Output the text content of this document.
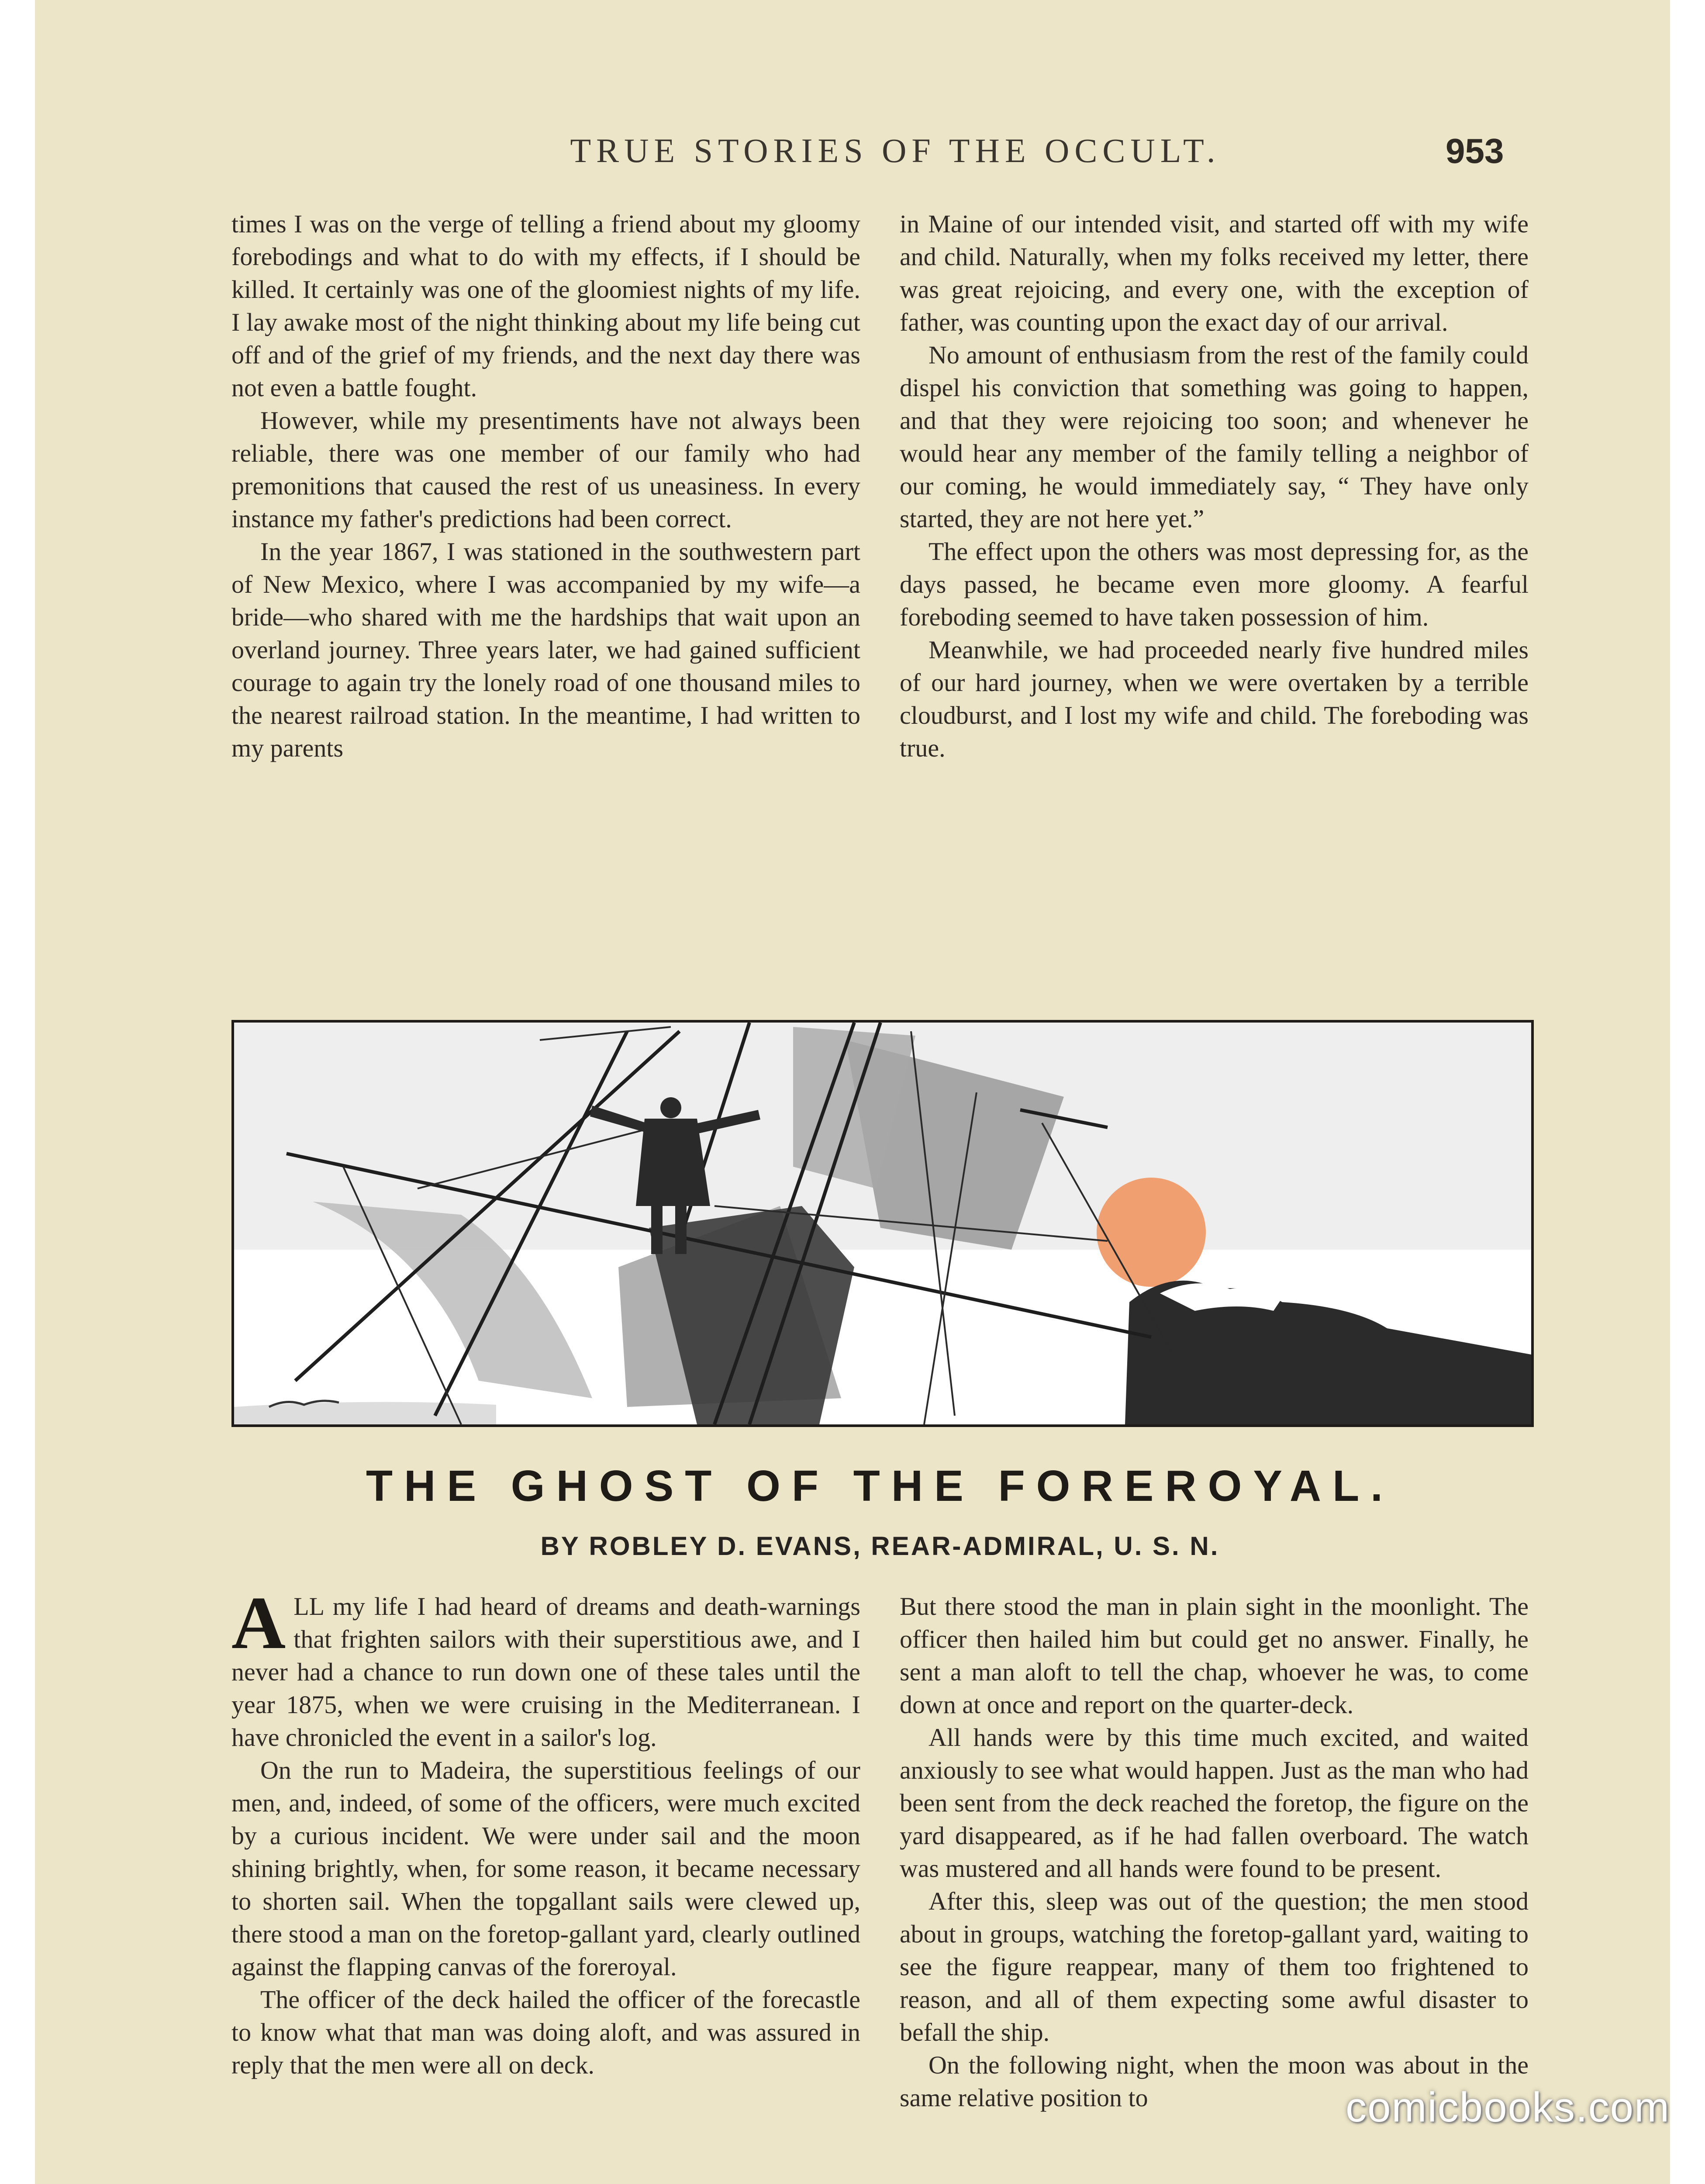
TRUE STORIES OF THE OCCULT.	953

times I was on the verge of telling a friend about my gloomy forebodings and what to do with my effects, if I should be killed. It certainly was one of the gloomiest nights of my life. I lay awake most of the night thinking about my life being cut off and of the grief of my friends, and the next day there was not even a battle fought.

However, while my presentiments have not always been reliable, there was one member of our family who had premonitions that caused the rest of us uneasiness. In every instance my father's predictions had been correct.

In the year 1867, I was stationed in the southwestern part of New Mexico, where I was accompanied by my wife—a bride—who shared with me the hardships that wait upon an overland journey. Three years later, we had gained sufficient courage to again try the lonely road of one thousand miles to the nearest railroad station. In the meantime, I had written to my parents

in Maine of our intended visit, and started off with my wife and child. Naturally, when my folks received my letter, there was great rejoicing, and every one, with the exception of father, was counting upon the exact day of our arrival.

No amount of enthusiasm from the rest of the family could dispel his conviction that something was going to happen, and that they were rejoicing too soon; and whenever he would hear any member of the family telling a neighbor of our coming, he would immediately say, “ They have only started, they are not here yet.”

The effect upon the others was most depressing for, as the days passed, he became even more gloomy. A fearful foreboding seemed to have taken possession of him.

Meanwhile, we had proceeded nearly five hundred miles of our hard journey, when we were overtaken by a terrible cloudburst, and I lost my wife and child. The foreboding was true.

THE GHOST OF THE FOREROYAL.
BY ROBLEY D. EVANS, REAR-ADMIRAL, U. S. N.

ALL my life I had heard of dreams and death-warnings that frighten sailors with their superstitious awe, and I never had a chance to run down one of these tales until the year 1875, when we were cruising in the Mediterranean. I have chronicled the event in a sailor's log.

On the run to Madeira, the superstitious feelings of our men, and, indeed, of some of the officers, were much excited by a curious incident. We were under sail and the moon shining brightly, when, for some reason, it became necessary to shorten sail. When the topgallant sails were clewed up, there stood a man on the foretop-gallant yard, clearly outlined against the flapping canvas of the foreroyal.

The officer of the deck hailed the officer of the forecastle to know what that man was doing aloft, and was assured in reply that the men were all on deck.

But there stood the man in plain sight in the moonlight. The officer then hailed him but could get no answer. Finally, he sent a man aloft to tell the chap, whoever he was, to come down at once and report on the quarter-deck.

All hands were by this time much excited, and waited anxiously to see what would happen. Just as the man who had been sent from the deck reached the foretop, the figure on the yard disappeared, as if he had fallen overboard. The watch was mustered and all hands were found to be present.

After this, sleep was out of the question; the men stood about in groups, watching the foretop-gallant yard, waiting to see the figure reappear, many of them too frightened to reason, and all of them expecting some awful disaster to befall the ship.

On the following night, when the moon was about in the same relative position to	comicbooks.com
